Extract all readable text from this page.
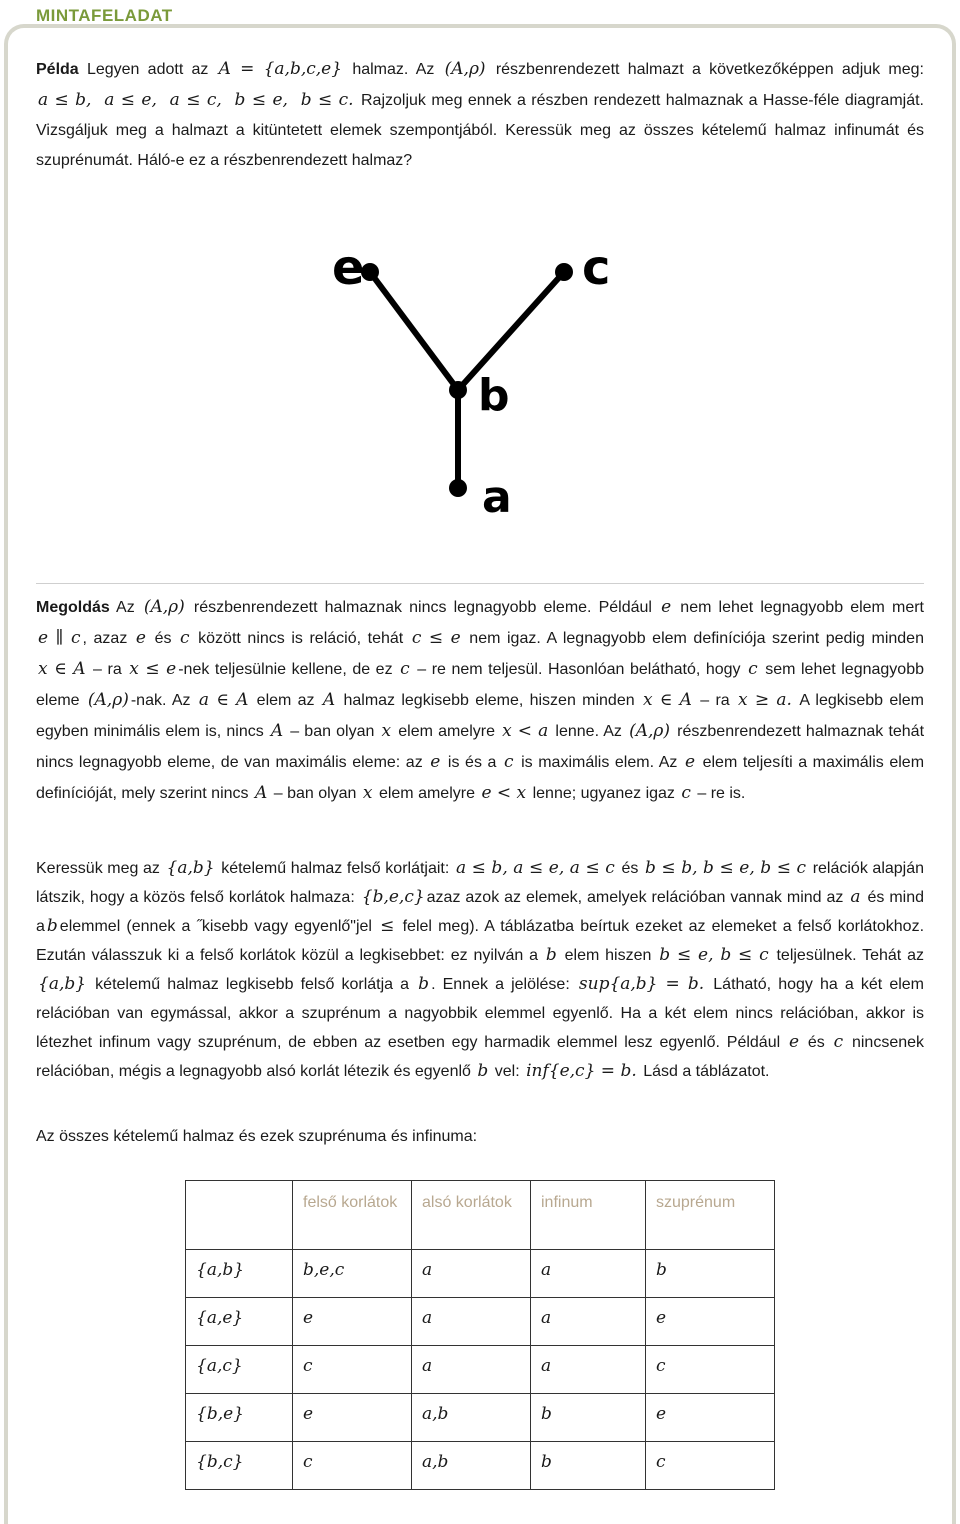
MINTAFELADAT
Példa Legyen adott az A = {a,b,c,e} halmaz. Az (A,ρ) részbenrendezett halmazt a következőképpen adjuk meg: a ≤ b,  a ≤ e,  a ≤ c,  b ≤ e,  b ≤ c. Rajzoljuk meg ennek a részben rendezett halmaznak a Hasse-féle diagramját. Vizsgáljuk meg a halmazt a kitüntetett elemek szempontjából. Keressük meg az összes kételemű halmaz infinumát és szuprénumát. Háló-e ez a részbenrendezett halmaz?
e	c
b
a
Megoldás Az (A,ρ) részbenrendezett halmaznak nincs legnagyobb eleme. Például e nem lehet legnagyobb elem mert e ∥ c , azaz e és c között nincs is reláció, tehát c ≤ e nem igaz. A legnagyobb elem definíciója szerint pedig minden x ∈ A – ra x ≤ e -nek teljesülnie kellene, de ez c – re nem teljesül. Hasonlóan belátható, hogy c sem lehet legnagyobb eleme (A,ρ) -nak. Az a ∈ A elem az A halmaz legkisebb eleme, hiszen minden x ∈ A – ra x ≥ a. A legkisebb elem egyben minimális elem is, nincs A – ban olyan x elem amelyre x < a lenne. Az (A,ρ) részbenrendezett halmaznak tehát nincs legnagyobb eleme, de van maximális eleme: az e is és a c is maximális elem. Az e elem teljesíti a maximális elem definícióját, mely szerint nincs A – ban olyan x elem amelyre e < x lenne; ugyanez igaz c – re is.
Keressük meg az {a,b} kételemű halmaz felső korlátjait: a ≤ b, a ≤ e, a ≤ c és b ≤ b, b ≤ e, b ≤ c relációk alapján látszik, hogy a közös felső korlátok halmaza: {b,e,c} azaz azok az elemek, amelyek relációban vannak mind az a és mind a b elemmel (ennek a ˝kisebb vagy egyenlő"jel ≤ felel meg). A táblázatba beírtuk ezeket az elemeket a felső korlátokhoz. Ezután válasszuk ki a felső korlátok közül a legkisebbet: ez nyilván a b elem hiszen b ≤ e, b ≤ c teljesülnek. Tehát az {a,b} kételemű halmaz legkisebb felső korlátja a b . Ennek a jelölése: sup{a,b} = b. Látható, hogy ha a két elem relációban van egymással, akkor a szuprénum a nagyobbik elemmel egyenlő. Ha a két elem nincs relációban, akkor is létezhet infinum vagy szuprénum, de ebben az esetben egy harmadik elemmel lesz egyenlő. Például e és c nincsenek relációban, mégis a legnagyobb alsó korlát létezik és egyenlő b vel: inf{e,c} = b. Lásd a táblázatot.
Az összes kételemű halmaz és ezek szuprénuma és infinuma:
	felső korlátok	alsó korlátok	infinum	szuprénum
{a,b}	b,e,c	a	a	b
{a,e}	e	a	a	e
{a,c}	c	a	a	c
{b,e}	e	a,b	b	e
{b,c}	c	a,b	b	c
